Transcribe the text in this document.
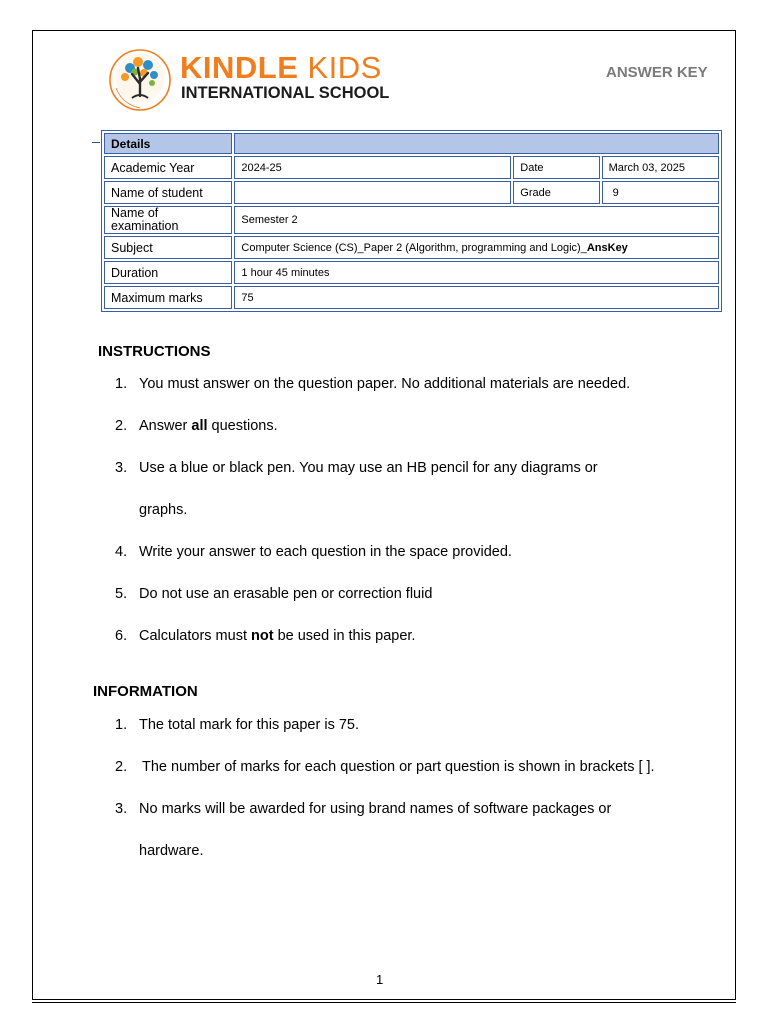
KINDLE KIDS
INTERNATIONAL SCHOOL
ANSWER KEY
Details			
Academic Year	2024-25	Date	March 03, 2025
Name of student		Grade	9
Name of examination	Semester 2		
Subject	Computer Science (CS)_Paper 2 (Algorithm, programming and Logic)_AnsKey		
Duration	1 hour 45 minutes		
Maximum marks	75		
INSTRUCTIONS
1. You must answer on the question paper. No additional materials are needed.
2. Answer all questions.
3. Use a blue or black pen. You may use an HB pencil for any diagrams or
graphs.
4. Write your answer to each question in the space provided.
5. Do not use an erasable pen or correction fluid
6. Calculators must not be used in this paper.
INFORMATION
1. The total mark for this paper is 75.
2. The number of marks for each question or part question is shown in brackets [ ].
3. No marks will be awarded for using brand names of software packages or
hardware.
1
